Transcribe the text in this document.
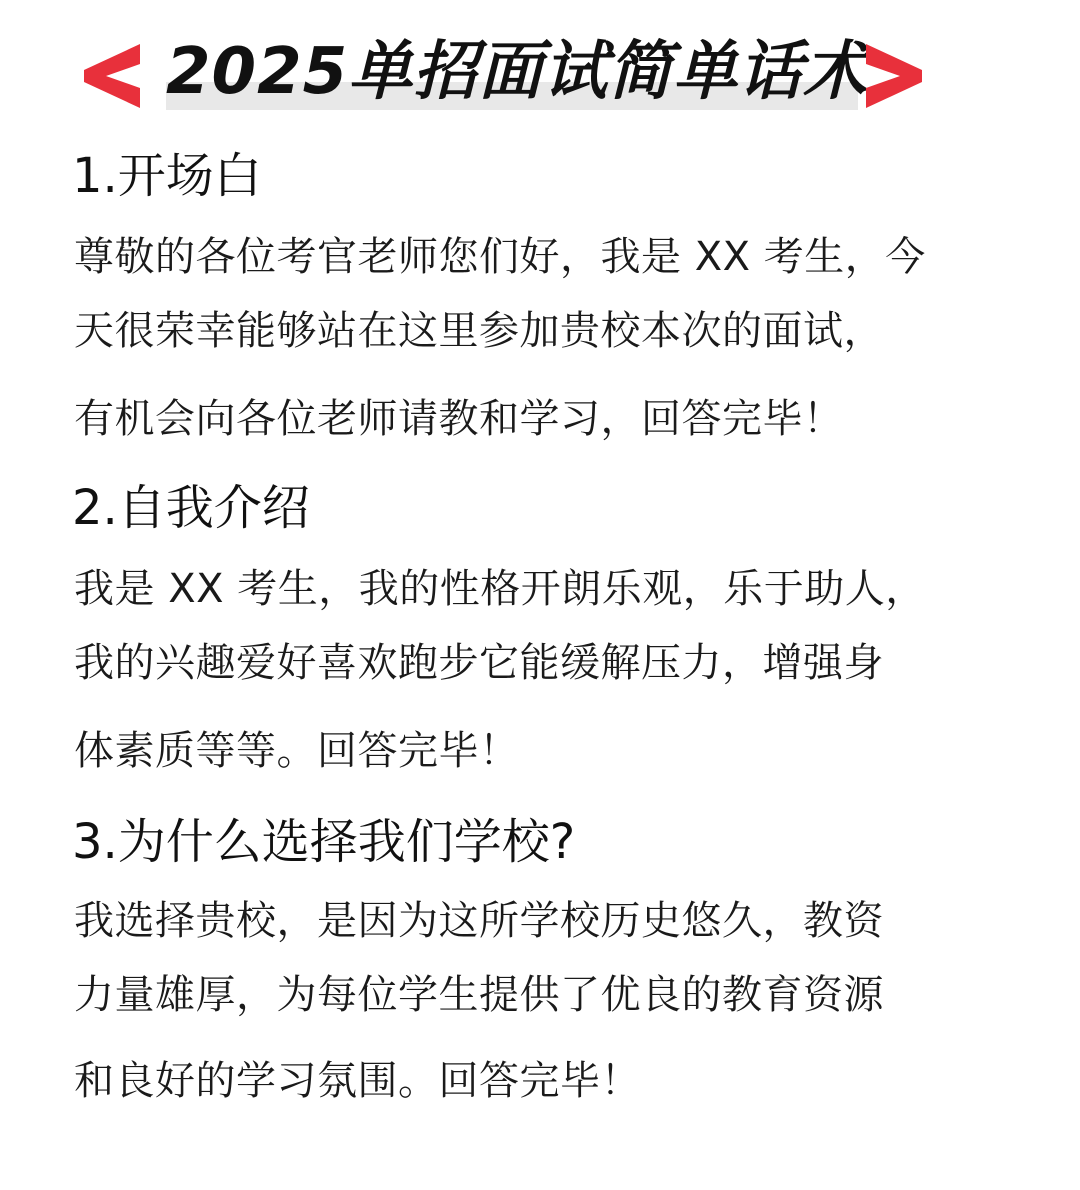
2025单招面试简单话术
1.开场白
尊敬的各位考官老师您们好，我是 XX 考生，今
天很荣幸能够站在这里参加贵校本次的面试，
有机会向各位老师请教和学习，回答完毕！
2.自我介绍
我是 XX 考生，我的性格开朗乐观，乐于助人，
我的兴趣爱好喜欢跑步它能缓解压力，增强身
体素质等等。回答完毕！
3.为什么选择我们学校?
我选择贵校，是因为这所学校历史悠久，教资
力量雄厚，为每位学生提供了优良的教育资源
和良好的学习氛围。回答完毕！
